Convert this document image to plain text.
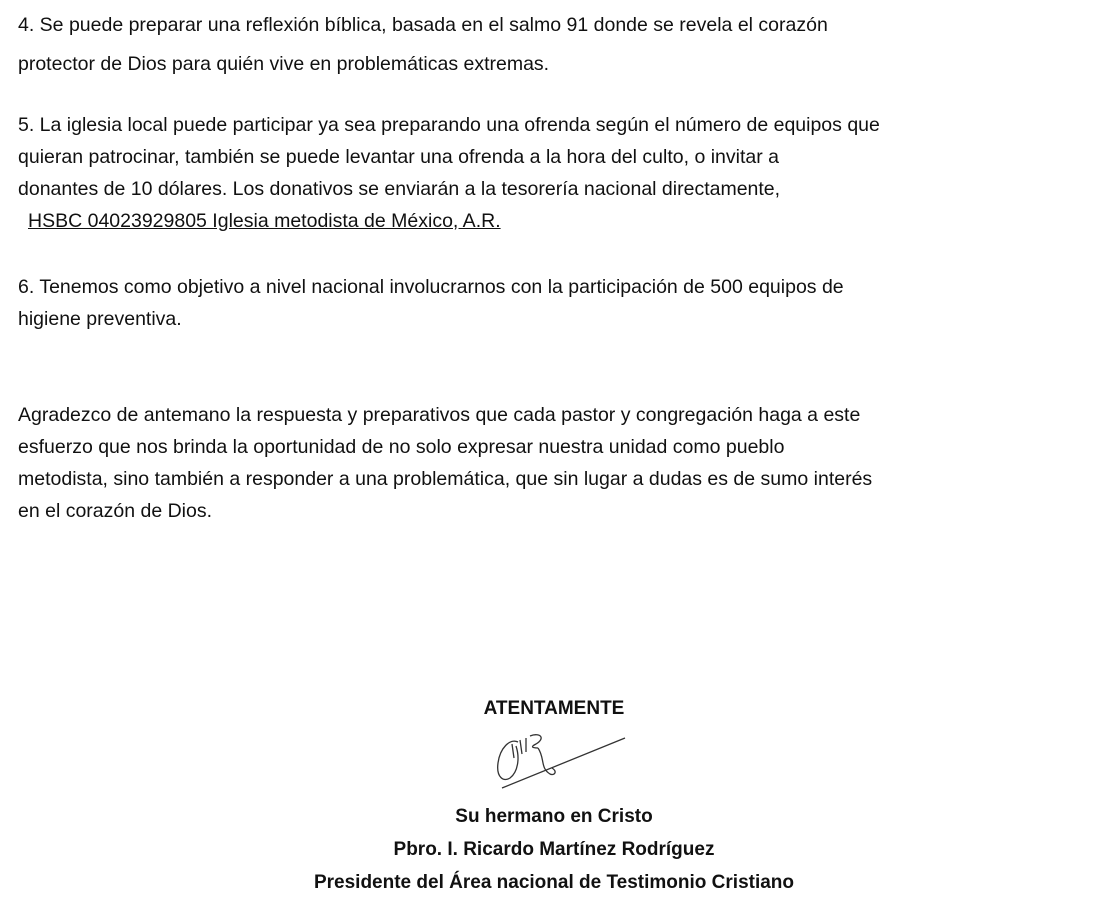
4. Se puede preparar una reflexión bíblica, basada en el salmo 91 donde se revela el corazón
protector de Dios para quién vive en problemáticas extremas.
5. La iglesia local puede participar ya sea preparando una ofrenda según el número de equipos que
quieran patrocinar, también se puede levantar una ofrenda a la hora del culto, o invitar a
donantes de 10 dólares. Los donativos se enviarán a la tesorería nacional directamente,
HSBC 04023929805 Iglesia metodista de México, A.R.
6. Tenemos como objetivo a nivel nacional involucrarnos con la participación de 500 equipos de
higiene preventiva.
Agradezco de antemano la respuesta y preparativos que cada pastor y congregación haga a este
esfuerzo que nos brinda la oportunidad de no solo expresar nuestra unidad como pueblo
metodista, sino también a responder a una problemática, que sin lugar a dudas es de sumo interés
en el corazón de Dios.
ATENTAMENTE
Su hermano en Cristo
Pbro. I. Ricardo Martínez Rodríguez
Presidente del Área nacional de Testimonio Cristiano
